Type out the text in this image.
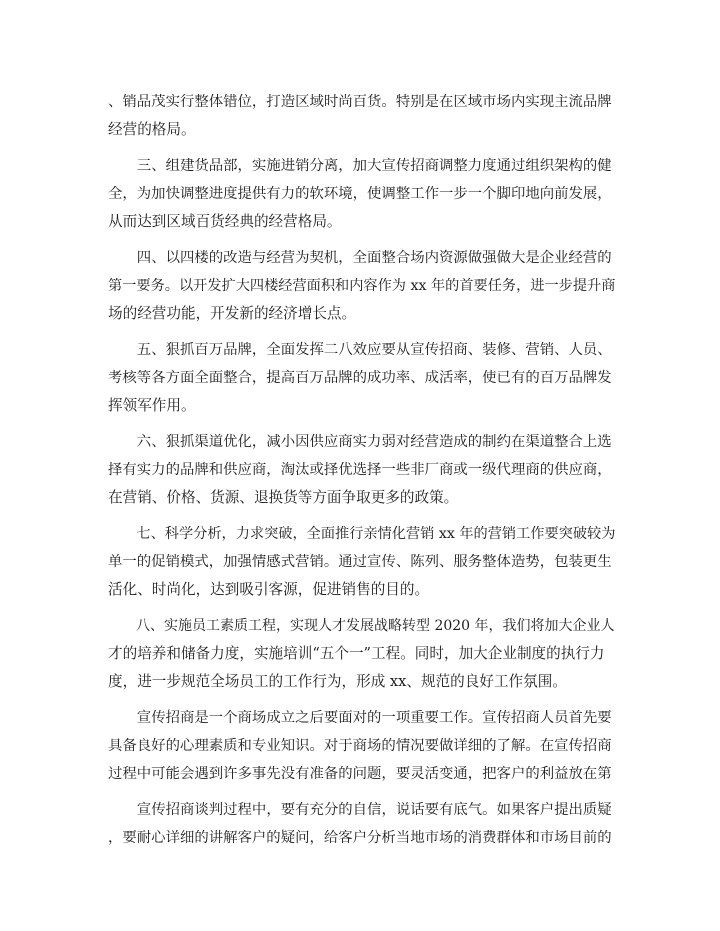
、销品茂实行整体错位，打造区域时尚百货。特别是在区域市场内实现主流品牌
经营的格局。

三、组建货品部，实施进销分离，加大宣传招商调整力度通过组织架构的健
全，为加快调整进度提供有力的软环境，使调整工作一步一个脚印地向前发展，
从而达到区域百货经典的经营格局。

四、以四楼的改造与经营为契机，全面整合场内资源做强做大是企业经营的
第一要务。以开发扩大四楼经营面积和内容作为 xx 年的首要任务，进一步提升商
场的经营功能，开发新的经济增长点。

五、狠抓百万品牌，全面发挥二八效应要从宣传招商、装修、营销、人员、
考核等各方面全面整合，提高百万品牌的成功率、成活率，使已有的百万品牌发
挥领军作用。

六、狠抓渠道优化，减小因供应商实力弱对经营造成的制约在渠道整合上选
择有实力的品牌和供应商，淘汰或择优选择一些非厂商或一级代理商的供应商，
在营销、价格、货源、退换货等方面争取更多的政策。

七、科学分析，力求突破，全面推行亲情化营销 xx 年的营销工作要突破较为
单一的促销模式，加强情感式营销。通过宣传、陈列、服务整体造势，包装更生
活化、时尚化，达到吸引客源，促进销售的目的。

八、实施员工素质工程，实现人才发展战略转型 2020 年，我们将加大企业人
才的培养和储备力度，实施培训“五个一”工程。同时，加大企业制度的执行力
度，进一步规范全场员工的工作行为，形成 xx、规范的良好工作氛围。

宣传招商是一个商场成立之后要面对的一项重要工作。宣传招商人员首先要
具备良好的心理素质和专业知识。对于商场的情况要做详细的了解。在宣传招商
过程中可能会遇到许多事先没有准备的问题，要灵活变通，把客户的利益放在第

宣传招商谈判过程中，要有充分的自信，说话要有底气。如果客户提出质疑
，要耐心详细的讲解客户的疑问，给客户分析当地市场的消费群体和市场目前的
